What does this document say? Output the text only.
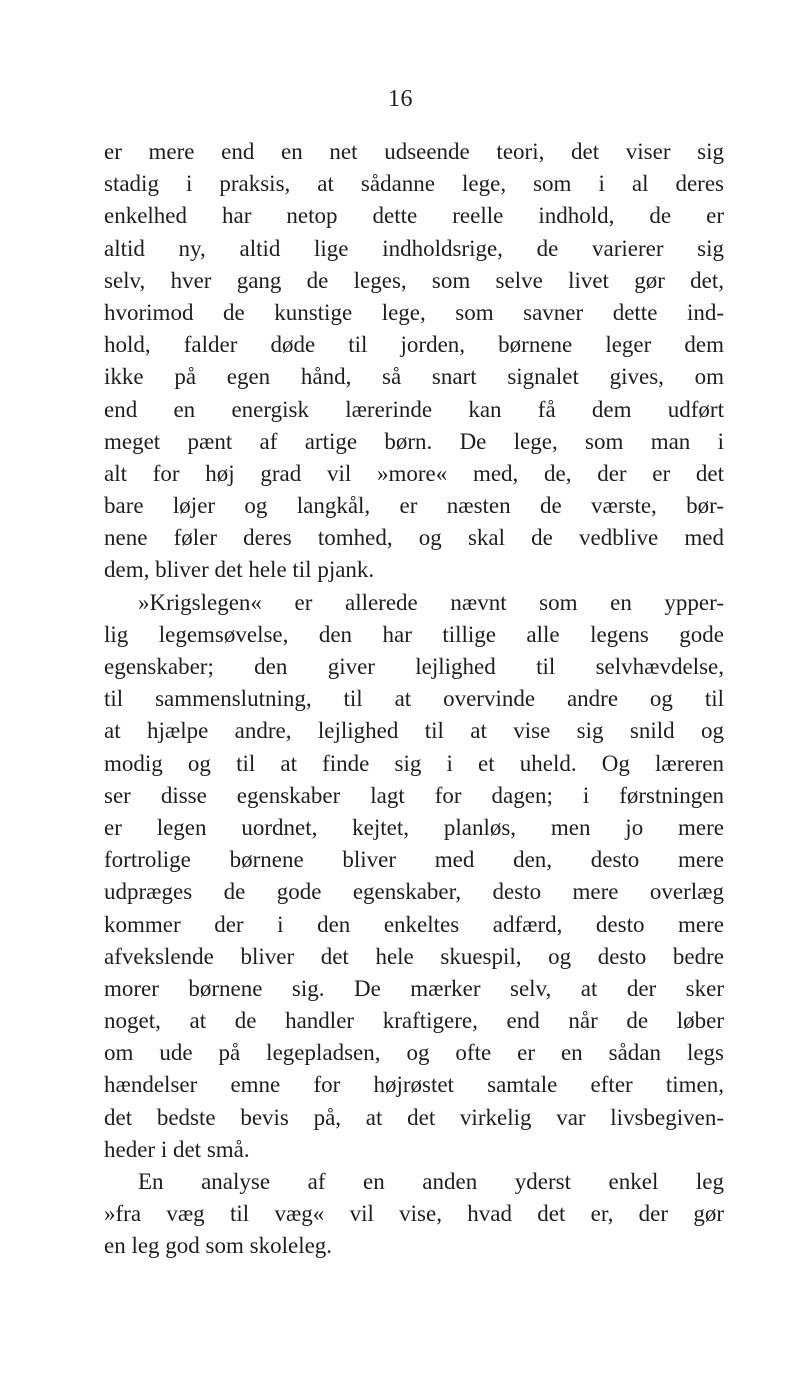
16
er mere end en net udseende teori, det viser sig
stadig i praksis, at sådanne lege, som i al deres
enkelhed har netop dette reelle indhold, de er
altid ny, altid lige indholdsrige, de varierer sig
selv, hver gang de leges, som selve livet gør det,
hvorimod de kunstige lege, som savner dette ind-
hold, falder døde til jorden, børnene leger dem
ikke på egen hånd, så snart signalet gives, om
end en energisk lærerinde kan få dem udført
meget pænt af artige børn. De lege, som man i
alt for høj grad vil »more« med, de, der er det
bare løjer og langkål, er næsten de værste, bør-
nene føler deres tomhed, og skal de vedblive med
dem, bliver det hele til pjank.
»Krigslegen« er allerede nævnt som en ypper-
lig legemsøvelse, den har tillige alle legens gode
egenskaber; den giver lejlighed til selvhævdelse,
til sammenslutning, til at overvinde andre og til
at hjælpe andre, lejlighed til at vise sig snild og
modig og til at finde sig i et uheld. Og læreren
ser disse egenskaber lagt for dagen; i førstningen
er legen uordnet, kejtet, planløs, men jo mere
fortrolige børnene bliver med den, desto mere
udpræges de gode egenskaber, desto mere overlæg
kommer der i den enkeltes adfærd, desto mere
afvekslende bliver det hele skuespil, og desto bedre
morer børnene sig. De mærker selv, at der sker
noget, at de handler kraftigere, end når de løber
om ude på legepladsen, og ofte er en sådan legs
hændelser emne for højrøstet samtale efter timen,
det bedste bevis på, at det virkelig var livsbegiven-
heder i det små.
En analyse af en anden yderst enkel leg
»fra væg til væg« vil vise, hvad det er, der gør
en leg god som skoleleg.
